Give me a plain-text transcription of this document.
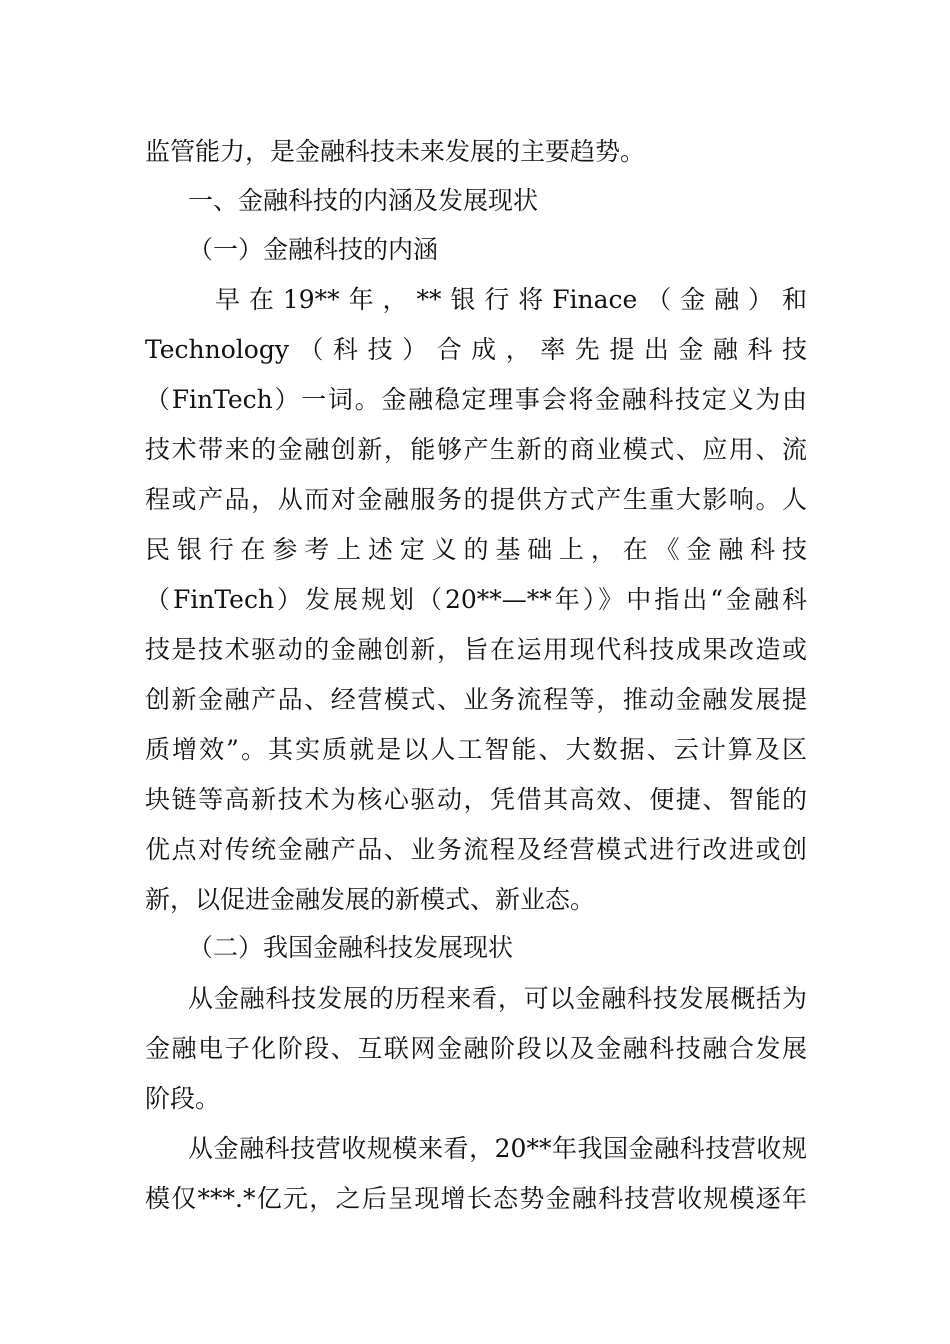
监管能力，是金融科技未来发展的主要趋势。
一、金融科技的内涵及发展现状
（一）金融科技的内涵
早在19**年，**银行将Finace（金融）和
Technology（科技）合成，率先提出金融科技
（FinTech）一词。金融稳定理事会将金融科技定义为由
技术带来的金融创新，能够产生新的商业模式、应用、流
程或产品，从而对金融服务的提供方式产生重大影响。人
民银行在参考上述定义的基础上，在《金融科技
（FinTech）发展规划（20**—**年）》中指出“金融科
技是技术驱动的金融创新，旨在运用现代科技成果改造或
创新金融产品、经营模式、业务流程等，推动金融发展提
质增效”。其实质就是以人工智能、大数据、云计算及区
块链等高新技术为核心驱动，凭借其高效、便捷、智能的
优点对传统金融产品、业务流程及经营模式进行改进或创
新，以促进金融发展的新模式、新业态。
（二）我国金融科技发展现状
从金融科技发展的历程来看，可以金融科技发展概括为
金融电子化阶段、互联网金融阶段以及金融科技融合发展
阶段。
从金融科技营收规模来看，20**年我国金融科技营收规
模仅***.*亿元，之后呈现增长态势金融科技营收规模逐年
